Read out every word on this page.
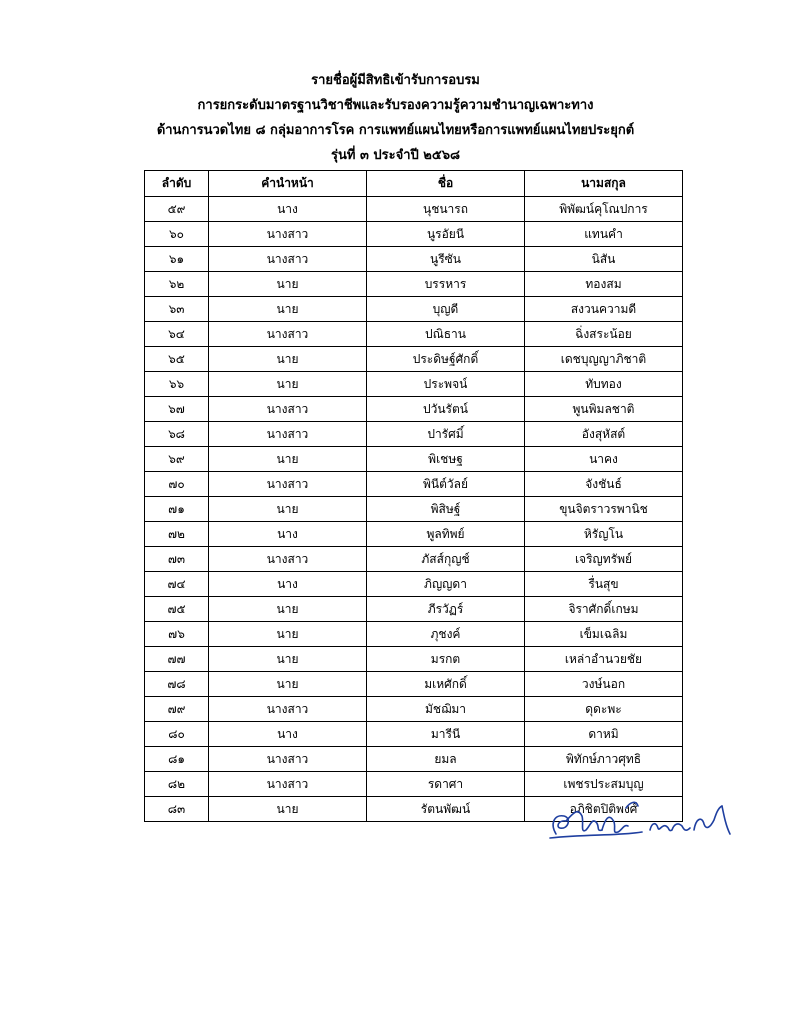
รายชื่อผู้มีสิทธิเข้ารับการอบรม
การยกระดับมาตรฐานวิชาชีพและรับรองความรู้ความชำนาญเฉพาะทาง
ด้านการนวดไทย ๘ กลุ่มอาการโรค การแพทย์แผนไทยหรือการแพทย์แผนไทยประยุกต์
รุ่นที่ ๓ ประจำปี ๒๕๖๘
ลำดับ	คำนำหน้า	ชื่อ	นามสกุล
๕๙	นาง	นุชนารถ	พิพัฒน์คุโณปการ
๖๐	นางสาว	นูรอัยนี	แทนคำ
๖๑	นางสาว	นูรีซัน	นิสัน
๖๒	นาย	บรรหาร	ทองสม
๖๓	นาย	บุญดี	สงวนความดี
๖๔	นางสาว	ปณิธาน	ฉิ่งสระน้อย
๖๕	นาย	ประดิษฐ์ศักดิ์	เดชบุญญาภิชาติ
๖๖	นาย	ประพจน์	ทับทอง
๖๗	นางสาว	ปวันรัตน์	พูนพิมลชาติ
๖๘	นางสาว	ปารัศมิ์	อังสุหัสต์
๖๙	นาย	พิเชษฐ	นาคง
๗๐	นางสาว	พินีต์วัลย์	จังชันธ์
๗๑	นาย	พิสิษฐ์	ขุนจิตราวรพานิช
๗๒	นาง	พูลทิพย์	หิรัญโน
๗๓	นางสาว	ภัสส์กุญช์	เจริญทรัพย์
๗๔	นาง	ภิญญดา	รื่นสุข
๗๕	นาย	ภีรวัฏร์	จิราศักดิ์เกษม
๗๖	นาย	ภุชงค์	เข็มเฉลิม
๗๗	นาย	มรกต	เหล่าอำนวยชัย
๗๘	นาย	มเหศักดิ์	วงษ์นอก
๗๙	นางสาว	มัชฌิมา	ดุดะพะ
๘๐	นาง	มารีนี	ดาหมิ
๘๑	นางสาว	ยมล	พิทักษ์ภาวศุทธิ
๘๒	นางสาว	รดาศา	เพชรประสมบุญ
๘๓	นาย	รัตนพัฒน์	อภิชิตปิติพงศ์
